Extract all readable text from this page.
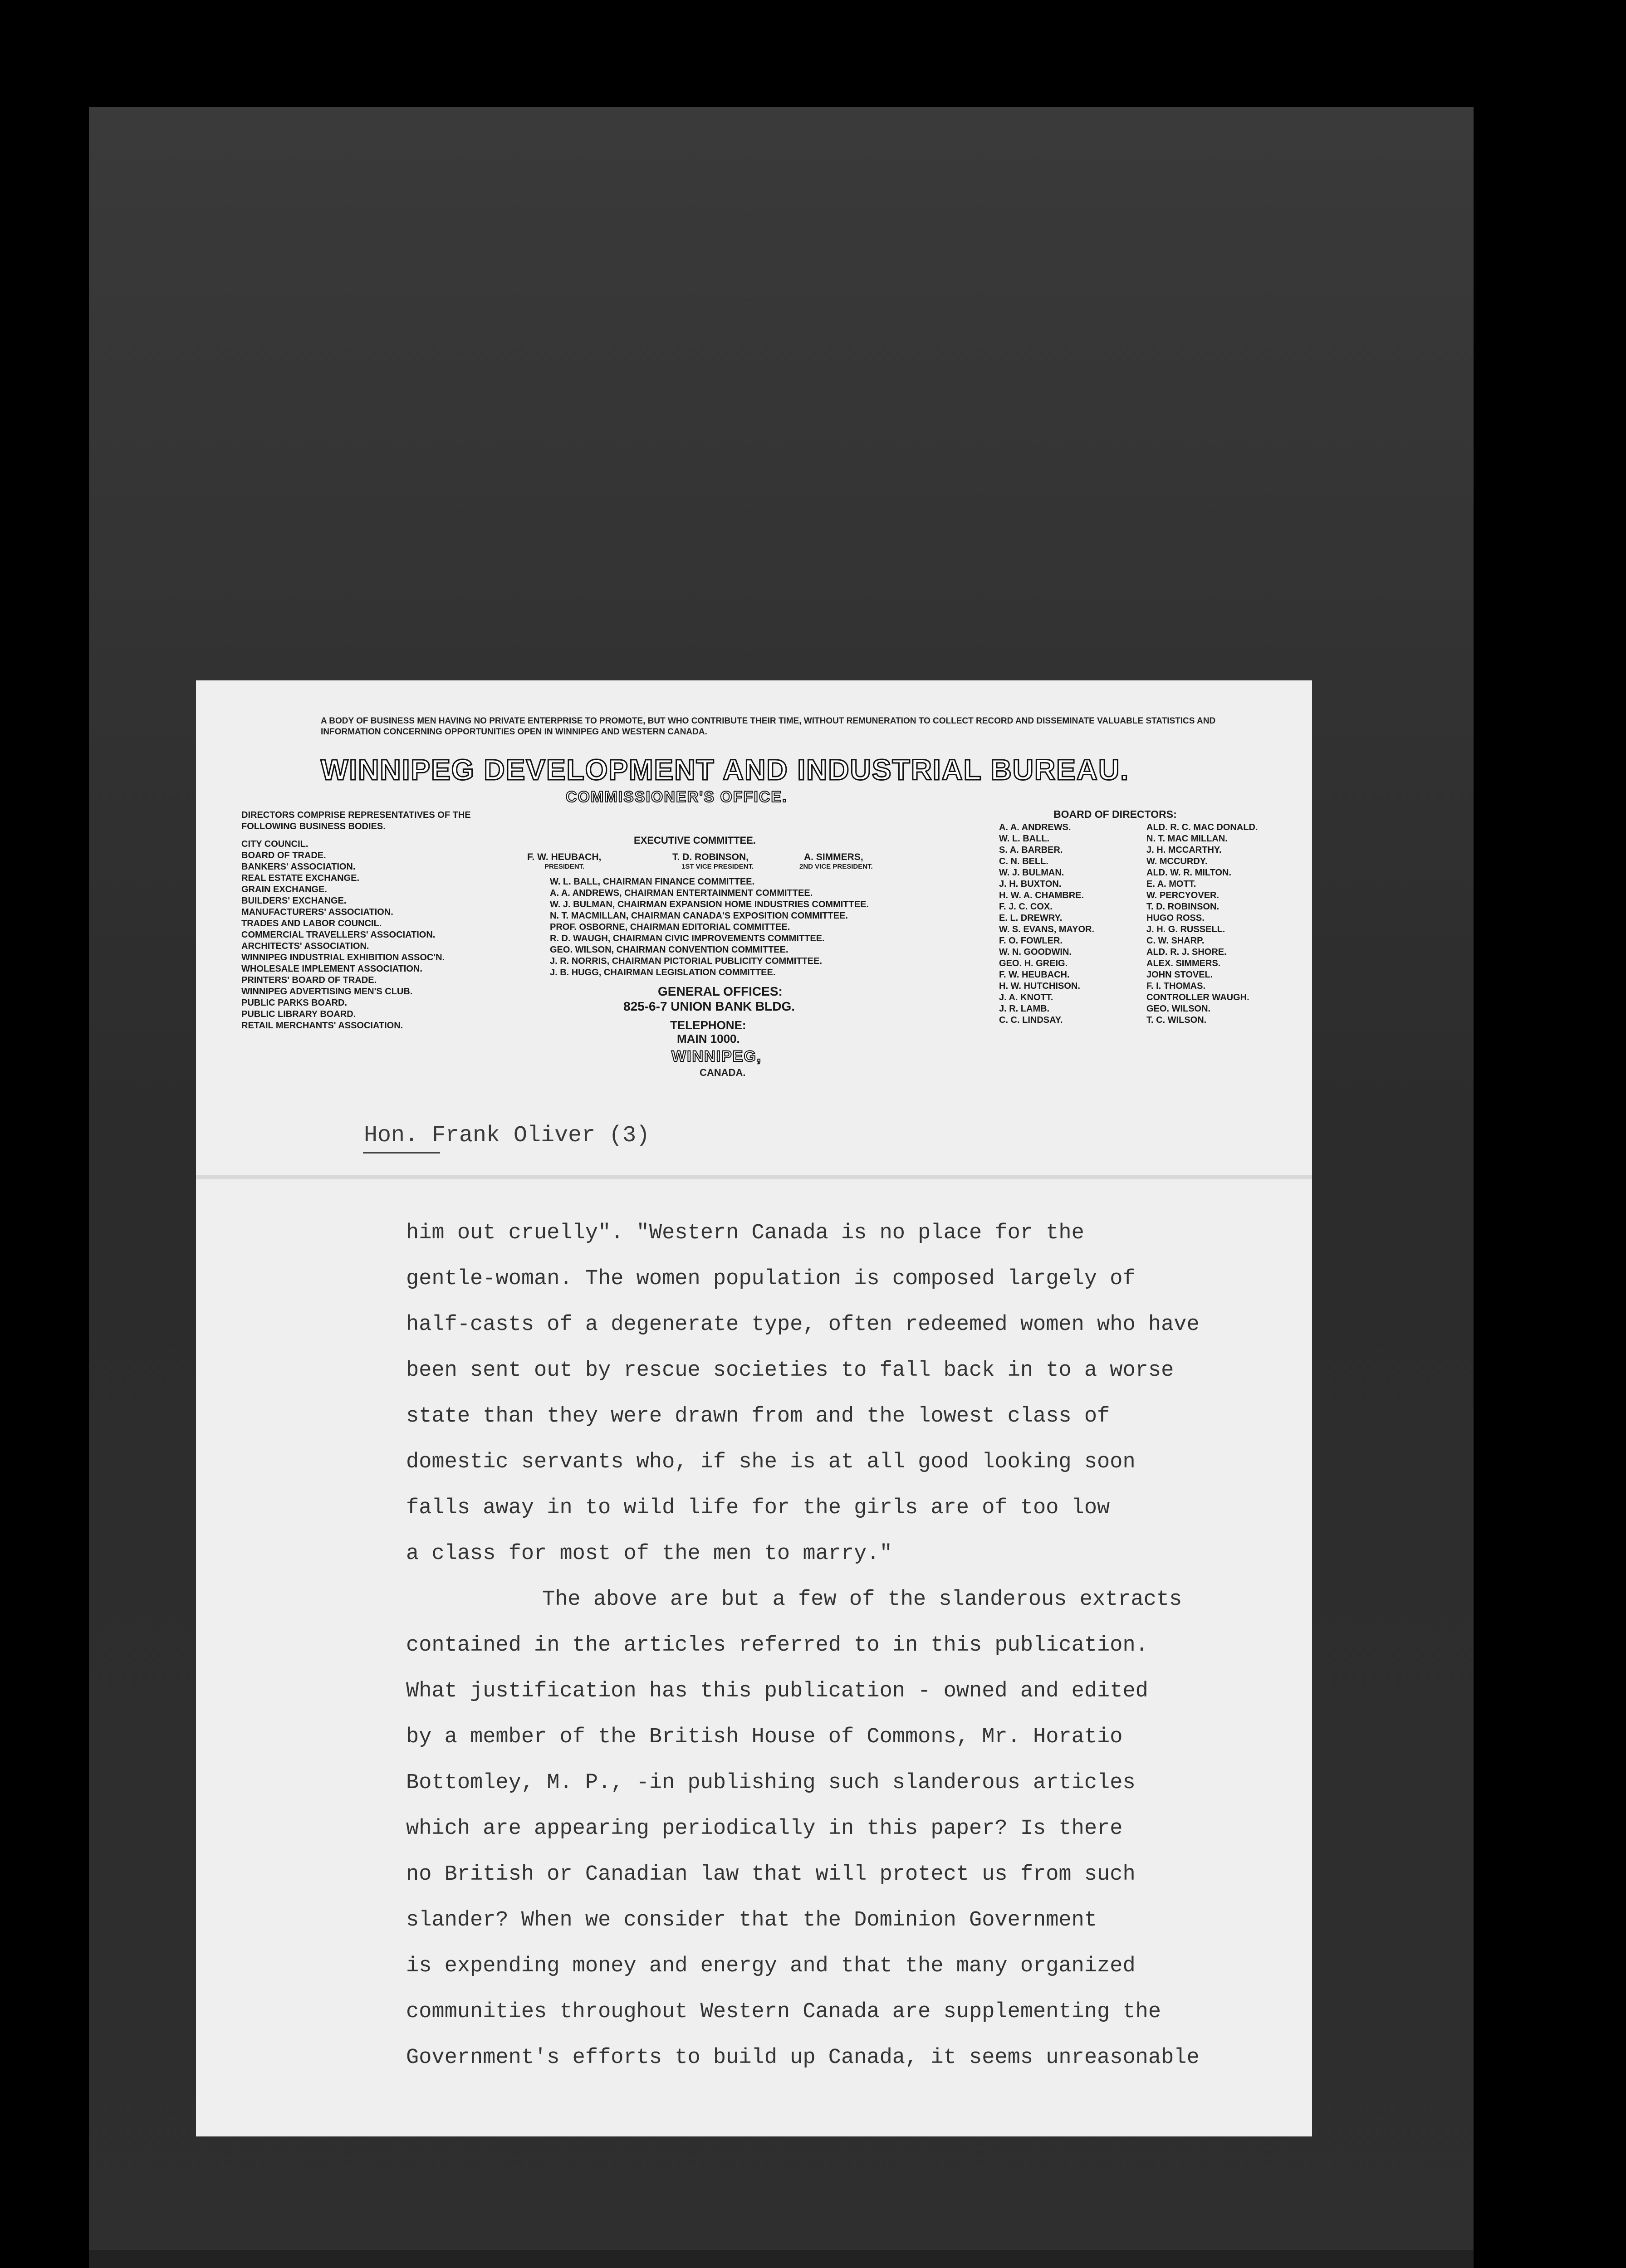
A BODY OF BUSINESS MEN HAVING NO PRIVATE ENTERPRISE TO PROMOTE, BUT WHO CONTRIBUTE THEIR TIME, WITHOUT REMUNERATION TO COLLECT RECORD AND DISSEMINATE VALUABLE STATISTICS AND INFORMATION CONCERNING OPPORTUNITIES OPEN IN WINNIPEG AND WESTERN CANADA.
WINNIPEG DEVELOPMENT AND INDUSTRIAL BUREAU.
COMMISSIONER'S OFFICE.
DIRECTORS COMPRISE REPRESENTATIVES OF THE FOLLOWING BUSINESS BODIES.
CITY COUNCIL.
BOARD OF TRADE.
BANKERS' ASSOCIATION.
REAL ESTATE EXCHANGE.
GRAIN EXCHANGE.
BUILDERS' EXCHANGE.
MANUFACTURERS' ASSOCIATION.
TRADES AND LABOR COUNCIL.
COMMERCIAL TRAVELLERS' ASSOCIATION.
ARCHITECTS' ASSOCIATION.
WINNIPEG INDUSTRIAL EXHIBITION ASSOC'N.
WHOLESALE IMPLEMENT ASSOCIATION.
PRINTERS' BOARD OF TRADE.
WINNIPEG ADVERTISING MEN'S CLUB.
PUBLIC PARKS BOARD.
PUBLIC LIBRARY BOARD.
RETAIL MERCHANTS' ASSOCIATION.
EXECUTIVE COMMITTEE.
F. W. HEUBACH,
PRESIDENT.
T. D. ROBINSON,
1ST VICE PRESIDENT.
A. SIMMERS,
2ND VICE PRESIDENT.
W. L. BALL, CHAIRMAN FINANCE COMMITTEE.
A. A. ANDREWS, CHAIRMAN ENTERTAINMENT COMMITTEE.
W. J. BULMAN, CHAIRMAN EXPANSION HOME INDUSTRIES COMMITTEE.
N. T. MACMILLAN, CHAIRMAN CANADA'S EXPOSITION COMMITTEE.
PROF. OSBORNE, CHAIRMAN EDITORIAL COMMITTEE.
R. D. WAUGH, CHAIRMAN CIVIC IMPROVEMENTS COMMITTEE.
GEO. WILSON, CHAIRMAN CONVENTION COMMITTEE.
J. R. NORRIS, CHAIRMAN PICTORIAL PUBLICITY COMMITTEE.
J. B. HUGG, CHAIRMAN LEGISLATION COMMITTEE.
GENERAL OFFICES:
825-6-7 UNION BANK BLDG.
TELEPHONE:
MAIN 1000.
WINNIPEG,
CANADA.
BOARD OF DIRECTORS:
A. A. ANDREWS.
W. L. BALL.
S. A. BARBER.
C. N. BELL.
W. J. BULMAN.
J. H. BUXTON.
H. W. A. CHAMBRE.
F. J. C. COX.
E. L. DREWRY.
W. S. EVANS, MAYOR.
F. O. FOWLER.
W. N. GOODWIN.
GEO. H. GREIG.
F. W. HEUBACH.
H. W. HUTCHISON.
J. A. KNOTT.
J. R. LAMB.
C. C. LINDSAY.
ALD. R. C. MAC DONALD.
N. T. MAC MILLAN.
J. H. MCCARTHY.
W. MCCURDY.
ALD. W. R. MILTON.
E. A. MOTT.
W. PERCYOVER.
T. D. ROBINSON.
HUGO ROSS.
J. H. G. RUSSELL.
C. W. SHARP.
ALD. R. J. SHORE.
ALEX. SIMMERS.
JOHN STOVEL.
F. I. THOMAS.
CONTROLLER WAUGH.
GEO. WILSON.
T. C. WILSON.
Hon. Frank Oliver (3)
him out cruelly". "Western Canada is no place for the
gentle-woman. The women population is composed largely of
half-casts of a degenerate type, often redeemed women who have
been sent out by rescue societies to fall back in to a worse
state than they were drawn from and the lowest class of
domestic servants who, if she is at all good looking soon
falls away in to wild life for the girls are of too low
a class for most of the men to marry."
The above are but a few of the slanderous extracts
contained in the articles referred to in this publication.
What justification has this publication - owned and edited
by a member of the British House of Commons, Mr. Horatio
Bottomley, M. P., -in publishing such slanderous articles
which are appearing periodically in this paper? Is there
no British or Canadian law that will protect us from such
slander? When we consider that the Dominion Government
is expending money and energy and that the many organized
communities throughout Western Canada are supplementing the
Government's efforts to build up Canada, it seems unreasonable
